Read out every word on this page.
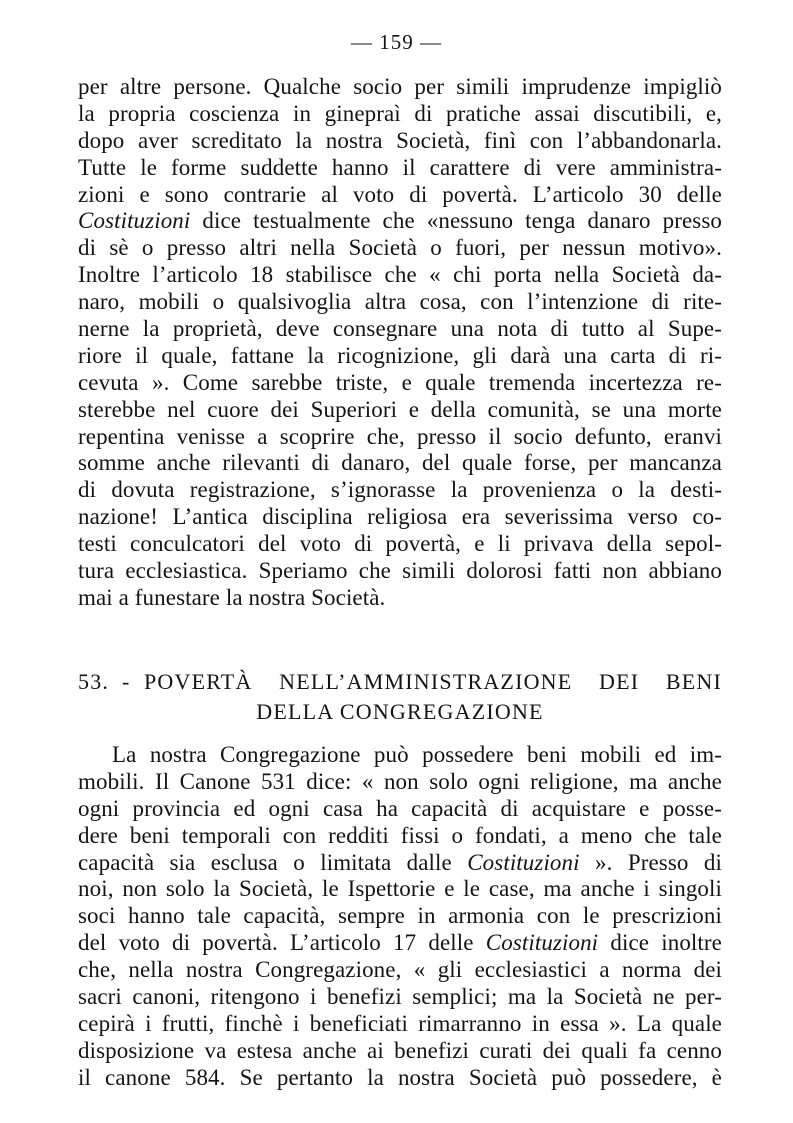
— 159 —
per altre persone. Qualche socio per simili imprudenze impigliò
la propria coscienza in ginepraì di pratiche assai discutibili, e,
dopo aver screditato la nostra Società, finì con l’abbandonarla.
Tutte le forme suddette hanno il carattere di vere amministra-
zioni e sono contrarie al voto di povertà. L’articolo 30 delle
Costituzioni dice testualmente che «nessuno tenga danaro presso
di sè o presso altri nella Società o fuori, per nessun motivo».
Inoltre l’articolo 18 stabilisce che « chi porta nella Società da-
naro, mobili o qualsivoglia altra cosa, con l’intenzione di rite-
nerne la proprietà, deve consegnare una nota di tutto al Supe-
riore il quale, fattane la ricognizione, gli darà una carta di ri-
cevuta ». Come sarebbe triste, e quale tremenda incertezza re-
sterebbe nel cuore dei Superiori e della comunità, se una morte
repentina venisse a scoprire che, presso il socio defunto, eranvi
somme anche rilevanti di danaro, del quale forse, per mancanza
di dovuta registrazione, s’ignorasse la provenienza o la desti-
nazione! L’antica disciplina religiosa era severissima verso co-
testi conculcatori del voto di povertà, e li privava della sepol-
tura ecclesiastica. Speriamo che simili dolorosi fatti non abbiano
mai a funestare la nostra Società.
53. - POVERTÀ NELL’AMMINISTRAZIONE DEI BENI
DELLA CONGREGAZIONE
La nostra Congregazione può possedere beni mobili ed im-
mobili. Il Canone 531 dice: « non solo ogni religione, ma anche
ogni provincia ed ogni casa ha capacità di acquistare e posse-
dere beni temporali con redditi fissi o fondati, a meno che tale
capacità sia esclusa o limitata dalle Costituzioni ». Presso di
noi, non solo la Società, le Ispettorie e le case, ma anche i singoli
soci hanno tale capacità, sempre in armonia con le prescrizioni
del voto di povertà. L’articolo 17 delle Costituzioni dice inoltre
che, nella nostra Congregazione, « gli ecclesiastici a norma dei
sacri canoni, ritengono i benefizi semplici; ma la Società ne per-
cepirà i frutti, finchè i beneficiati rimarranno in essa ». La quale
disposizione va estesa anche ai benefizi curati dei quali fa cenno
il canone 584. Se pertanto la nostra Società può possedere, è
